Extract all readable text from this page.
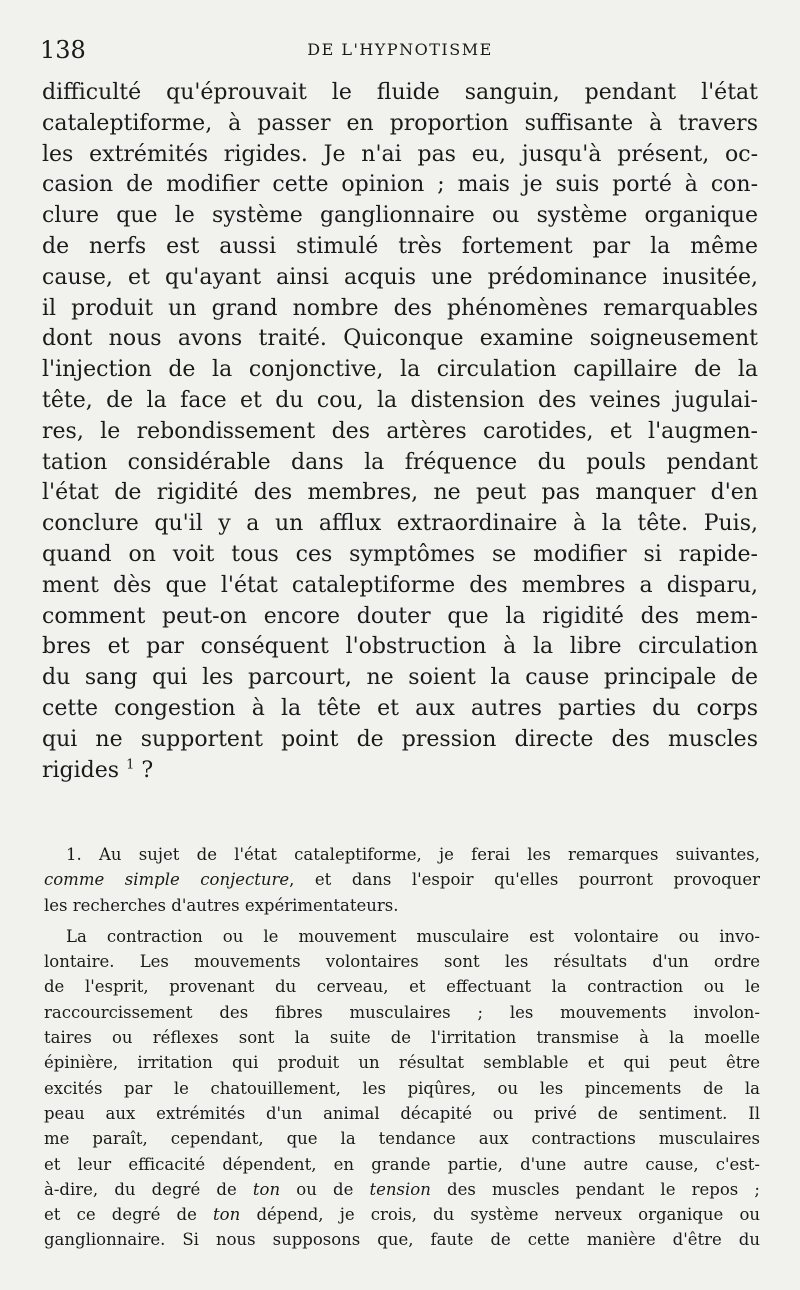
138	DE L'HYPNOTISME

difficulté qu'éprouvait le fluide sanguin, pendant l'état

cataleptiforme, à passer en proportion suffisante à travers

les extrémités rigides. Je n'ai pas eu, jusqu'à présent, oc-

casion de modifier cette opinion ; mais je suis porté à con-

clure que le système ganglionnaire ou système organique

de nerfs est aussi stimulé très fortement par la même

cause, et qu'ayant ainsi acquis une prédominance inusitée,

il produit un grand nombre des phénomènes remarquables

dont nous avons traité. Quiconque examine soigneusement

l'injection de la conjonctive, la circulation capillaire de la

tête, de la face et du cou, la distension des veines jugulai-

res, le rebondissement des artères carotides, et l'augmen-

tation considérable dans la fréquence du pouls pendant

l'état de rigidité des membres, ne peut pas manquer d'en

conclure qu'il y a un afflux extraordinaire à la tête. Puis,

quand on voit tous ces symptômes se modifier si rapide-

ment dès que l'état cataleptiforme des membres a disparu,

comment peut-on encore douter que la rigidité des mem-

bres et par conséquent l'obstruction à la libre circulation

du sang qui les parcourt, ne soient la cause principale de

cette congestion à la tête et aux autres parties du corps

qui ne supportent point de pression directe des muscles

rigides $^1$ ?

1. Au sujet de l'état cataleptiforme, je ferai les remarques suivantes,

comme simple conjecture, et dans l'espoir qu'elles pourront provoquer

les recherches d'autres expérimentateurs.

La contraction ou le mouvement musculaire est volontaire ou invo-

lontaire. Les mouvements volontaires sont les résultats d'un ordre

de l'esprit, provenant du cerveau, et effectuant la contraction ou le

raccourcissement des fibres musculaires ; les mouvements involon-

taires ou réflexes sont la suite de l'irritation transmise à la moelle

épinière, irritation qui produit un résultat semblable et qui peut être

excités par le chatouillement, les piqûres, ou les pincements de la

peau aux extrémités d'un animal décapité ou privé de sentiment. Il

me paraît, cependant, que la tendance aux contractions musculaires

et leur efficacité dépendent, en grande partie, d'une autre cause, c'est-

à-dire, du degré de ton ou de tension des muscles pendant le repos ;

et ce degré de ton dépend, je crois, du système nerveux organique ou

ganglionnaire. Si nous supposons que, faute de cette manière d'être du
